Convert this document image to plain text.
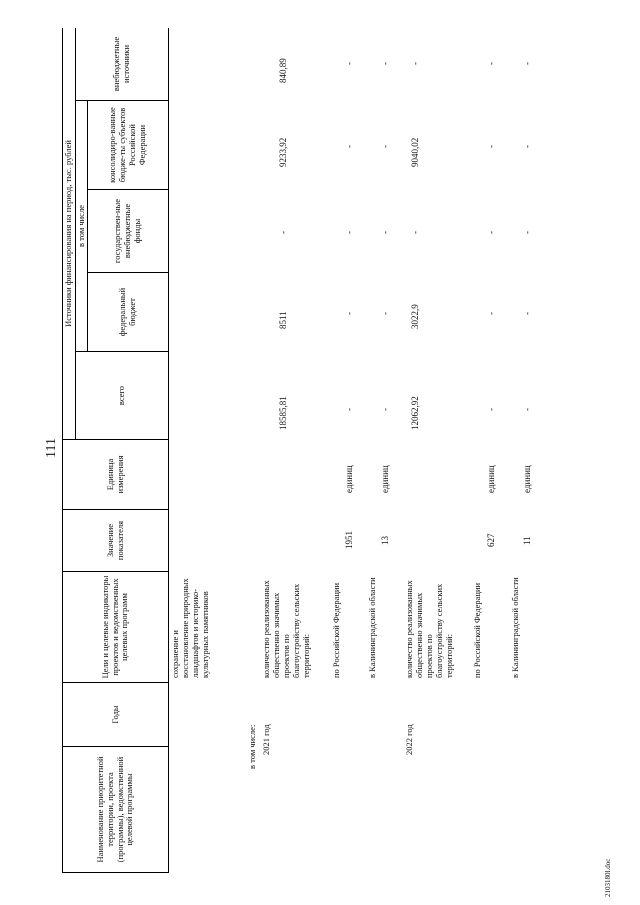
111
2103180l.doc
Наименование приоритетной территории, проекта (программы), ведомственной целевой программы
Годы
Цели и целевые индикаторы проектов и ведомственных целевых программ
Значение показателя
Единица измерения
всего
Источники финансирования на период, тыс. рублей в том числе
федеральный бюджет
государствен-ные внебюджетные фонды
консолидиро-ванные бюдже-ты субъектов Российской Федерации
внебюджетные источники
сохранение и восстановление природных ландшафтов и историко-культурных памятников
в том числе: 2021 год
количество реализованных общественно значимых проектов по благоустройству сельских территорий:
18585,81
8511
-
9233,92
840,89
по Российской Федерации
1951
единиц
-
-
-
-
-
в Калининградской области
13
единиц
-
-
-
-
-
2022 год
количество реализованных общественно значимых проектов по благоустройству сельских территорий:
12062,92
3022,9
-
9040,02
-
по Российской Федерации
627
единиц
-
-
-
-
-
в Калининградской области
11
единиц
-
-
-
-
-
